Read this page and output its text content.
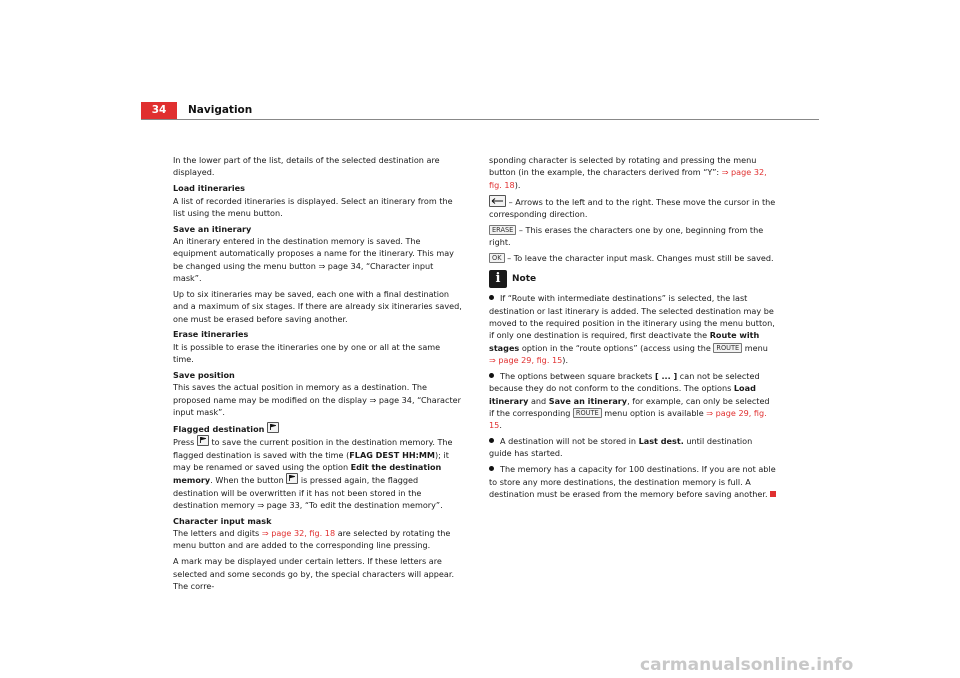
34	Navigation

In the lower part of the list, details of the selected destination are displayed.

Load itineraries

A list of recorded itineraries is displayed. Select an itinerary from the list using the menu button.

Save an itinerary

An itinerary entered in the destination memory is saved. The equipment automatically proposes a name for the itinerary. This may be changed using the menu button ⇒ page 34, “Character input mask”.

Up to six itineraries may be saved, each one with a final destination and a maximum of six stages. If there are already six itineraries saved, one must be erased before saving another.

Erase itineraries

It is possible to erase the itineraries one by one or all at the same time.

Save position

This saves the actual position in memory as a destination. The proposed name may be modified on the display ⇒ page 34, “Character input mask”.

Flagged destination

Press
to save the current position in the destination memory. The flagged destination is saved with the time (FLAG DEST HH:MM); it may be renamed or saved using the option Edit the destination memory. When the button
is pressed again, the flagged destination will be overwritten if it has not been stored in the destination memory ⇒ page 33, “To edit the destination memory”.

Character input mask

The letters and digits ⇒ page 32, fig. 18 are selected by rotating the menu button and are added to the corresponding line pressing.

A mark may be displayed under certain letters. If these letters are selected and some seconds go by, the special characters will appear. The corre-

sponding character is selected by rotating and pressing the menu button (in the example, the characters derived from “Y”: ⇒ page 32, fig. 18).

– Arrows to the left and to the right. These move the cursor in the corresponding direction.

ERASE – This erases the characters one by one, beginning from the right.

OK – To leave the character input mask. Changes must still be saved.

i	Note

If “Route with intermediate destinations” is selected, the last destination or last itinerary is added. The selected destination may be moved to the required position in the itinerary using the menu button, if only one destination is required, first deactivate the Route with stages option in the “route options” (access using the ROUTE menu ⇒ page 29, fig. 15).

The options between square brackets [ ... ] can not be selected because they do not conform to the conditions. The options Load itinerary and Save an itinerary, for example, can only be selected if the corresponding ROUTE menu option is available ⇒ page 29, fig. 15.

A destination will not be stored in Last dest. until destination guide has started.

The memory has a capacity for 100 destinations. If you are not able to store any more destinations, the destination memory is full. A destination must be erased from the memory before saving another.

carmanualsonline.info
